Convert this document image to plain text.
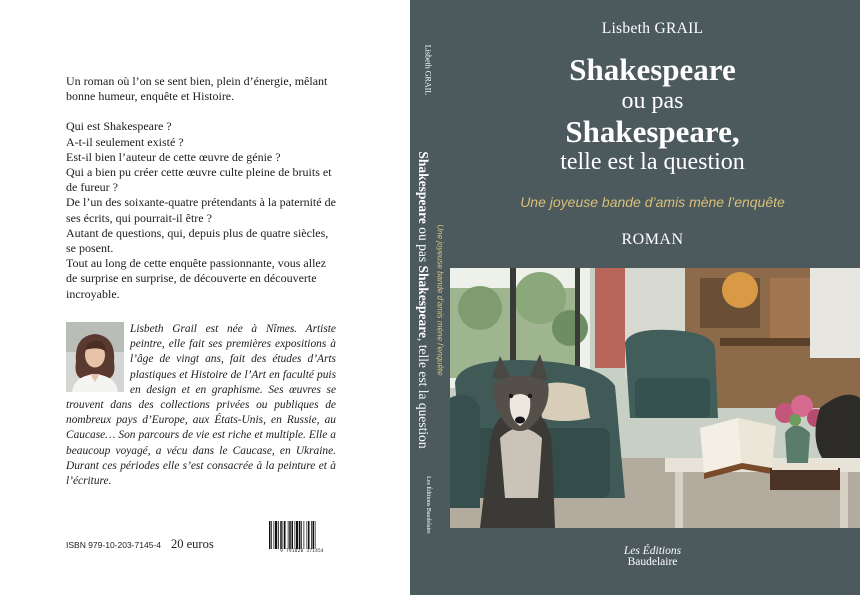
Un roman où l’on se sent bien, plein d’énergie, mêlant bonne humeur, enquête et Histoire.

Qui est Shakespeare ?

A-t-il seulement existé ?

Est-il bien l’auteur de cette œuvre de génie ?

Qui a bien pu créer cette œuvre culte pleine de bruits et de fureur ?

De l’un des soixante-quatre prétendants à la paternité de ses écrits, qui pourrait-il être ?

Autant de questions, qui, depuis plus de quatre siècles, se posent.

Tout au long de cette enquête passionnante, vous allez de surprise en surprise, de découverte en découverte incroyable.

Lisbeth Grail est née à Nîmes. Artiste peintre, elle fait ses premières expositions à l’âge de vingt ans, fait des études d’Arts plastiques et Histoire de l’Art en faculté puis en design et en graphisme. Ses œuvres se trouvent dans des collections privées ou publiques de nombreux pays d’Europe, aux États-Unis, en Russie, au Caucase… Son parcours de vie est riche et multiple. Elle a beaucoup voyagé, a vécu dans le Caucase, en Ukraine. Durant ces périodes elle s’est consacrée à la peinture et à l’écriture.
ISBN 979-10-203-7145-4 20 euros
9 791020 371454
Lisbeth GRAIL
Shakespeare ou pas Shakespeare, telle est la question
Une joyeuse bande d’amis mène l’enquête
Les Éditions Baudelaire
Lisbeth GRAIL
Shakespeare
ou pas
Shakespeare,
telle est la question
Une joyeuse bande d’amis mène l’enquête
ROMAN
Les Éditions
Baudelaire
